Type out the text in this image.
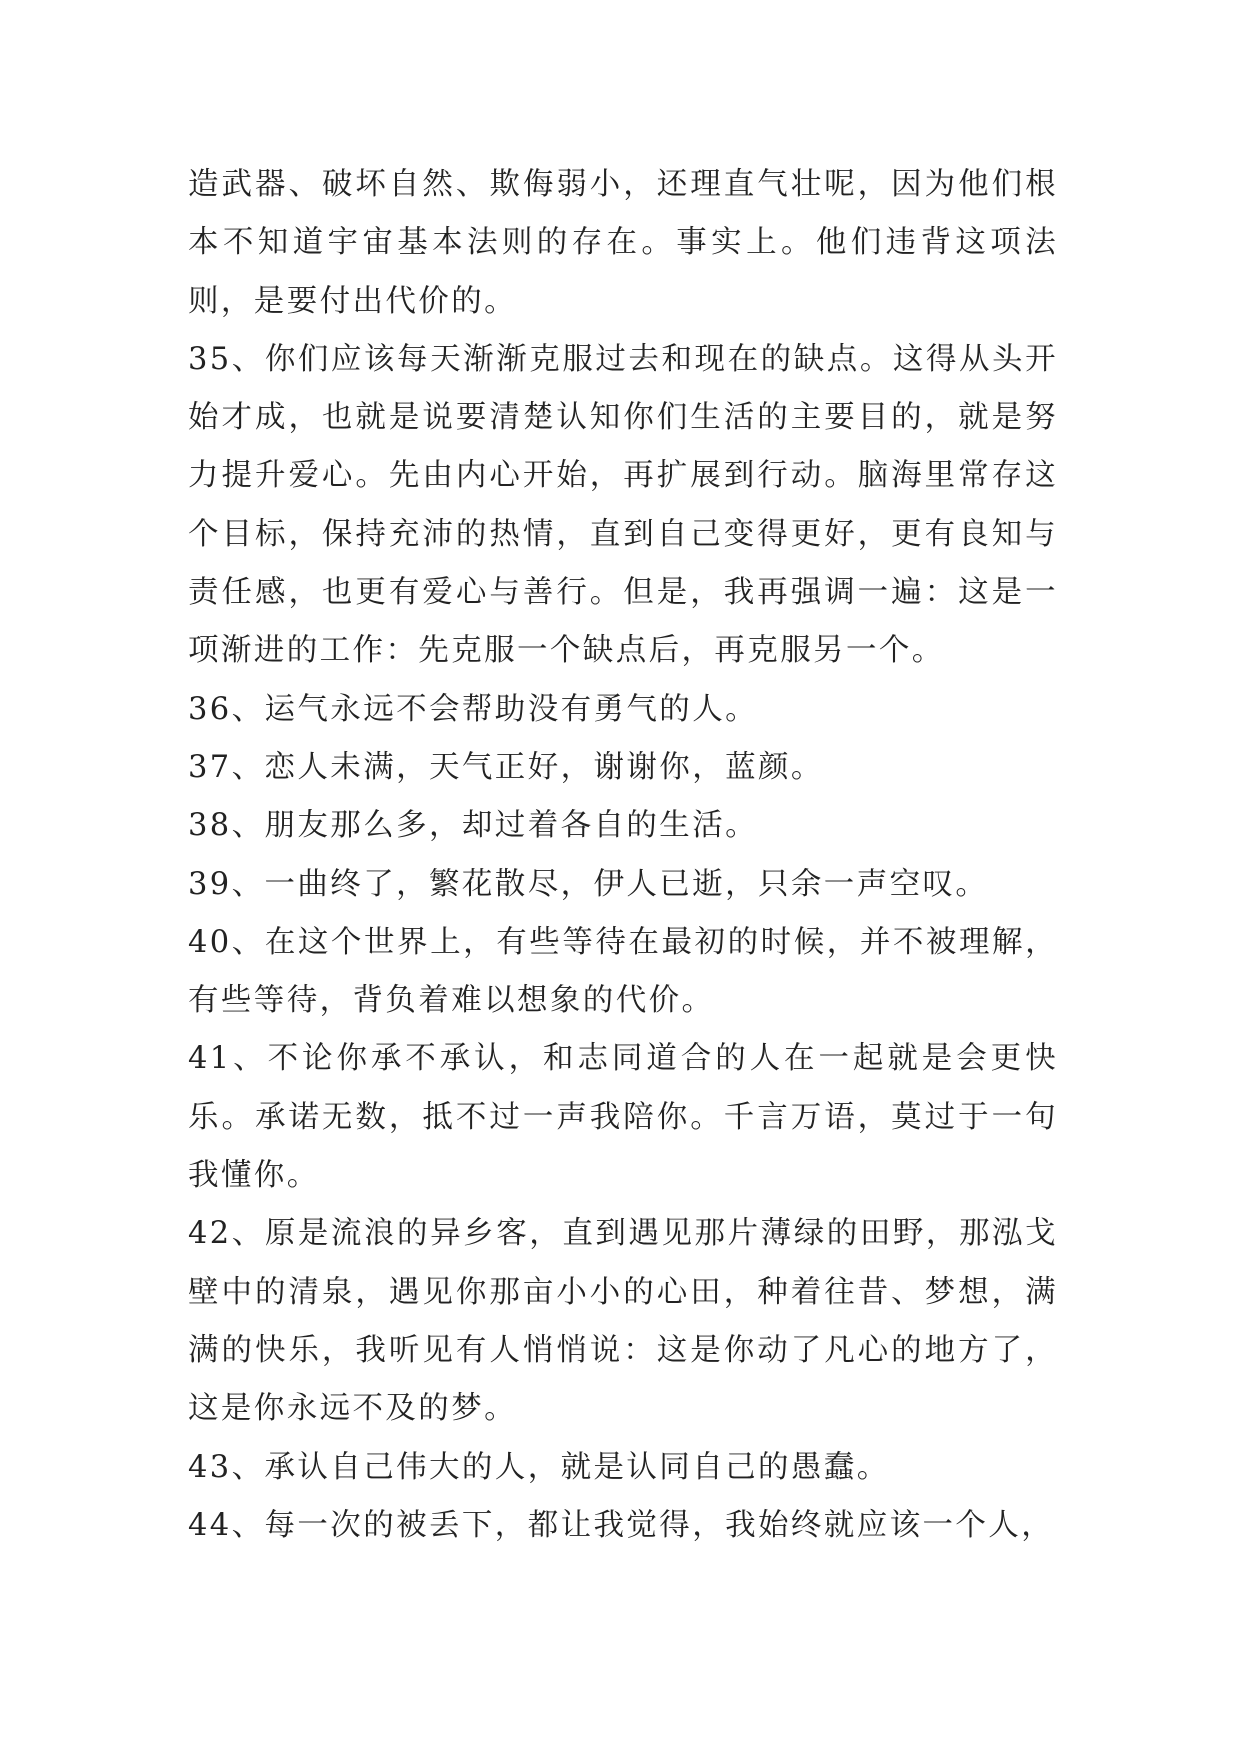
造武器、破坏自然、欺侮弱小，还理直气壮呢，因为他们根本不知道宇宙基本法则的存在。事实上。他们违背这项法则，是要付出代价的。

35、你们应该每天渐渐克服过去和现在的缺点。这得从头开始才成，也就是说要清楚认知你们生活的主要目的，就是努力提升爱心。先由内心开始，再扩展到行动。脑海里常存这个目标，保持充沛的热情，直到自己变得更好，更有良知与责任感，也更有爱心与善行。但是，我再强调一遍：这是一项渐进的工作：先克服一个缺点后，再克服另一个。

36、运气永远不会帮助没有勇气的人。

37、恋人未满，天气正好，谢谢你，蓝颜。

38、朋友那么多，却过着各自的生活。

39、一曲终了，繁花散尽，伊人已逝，只余一声空叹。

40、在这个世界上，有些等待在最初的时候，并不被理解，有些等待，背负着难以想象的代价。

41、不论你承不承认，和志同道合的人在一起就是会更快乐。承诺无数，抵不过一声我陪你。千言万语，莫过于一句我懂你。

42、原是流浪的异乡客，直到遇见那片薄绿的田野，那泓戈壁中的清泉，遇见你那亩小小的心田，种着往昔、梦想，满满的快乐，我听见有人悄悄说：这是你动了凡心的地方了，这是你永远不及的梦。

43、承认自己伟大的人，就是认同自己的愚蠢。

44、每一次的被丢下，都让我觉得，我始终就应该一个人，
